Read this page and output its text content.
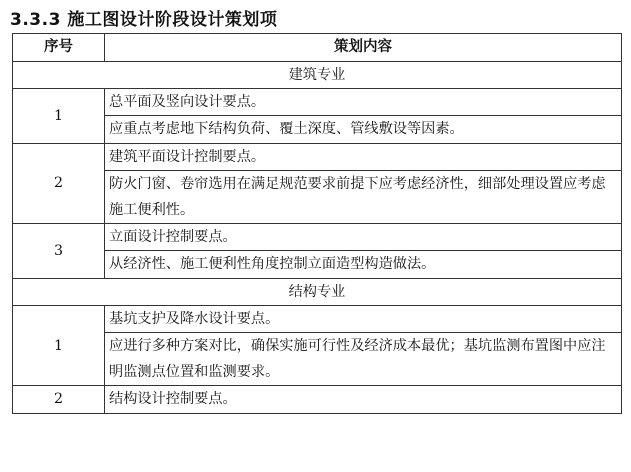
3.3.3 施工图设计阶段设计策划项
序号	策划内容
建筑专业	
1	总平面及竖向设计要点。
	应重点考虑地下结构负荷、覆土深度、管线敷设等因素。
2	建筑平面设计控制要点。
	防火门窗、卷帘选用在满足规范要求前提下应考虑经济性，细部处理设置应考虑施工便利性。
3	立面设计控制要点。
	从经济性、施工便利性角度控制立面造型构造做法。
结构专业	
1	基坑支护及降水设计要点。
	应进行多种方案对比，确保实施可行性及经济成本最优；基坑监测布置图中应注明监测点位置和监测要求。
2	结构设计控制要点。
